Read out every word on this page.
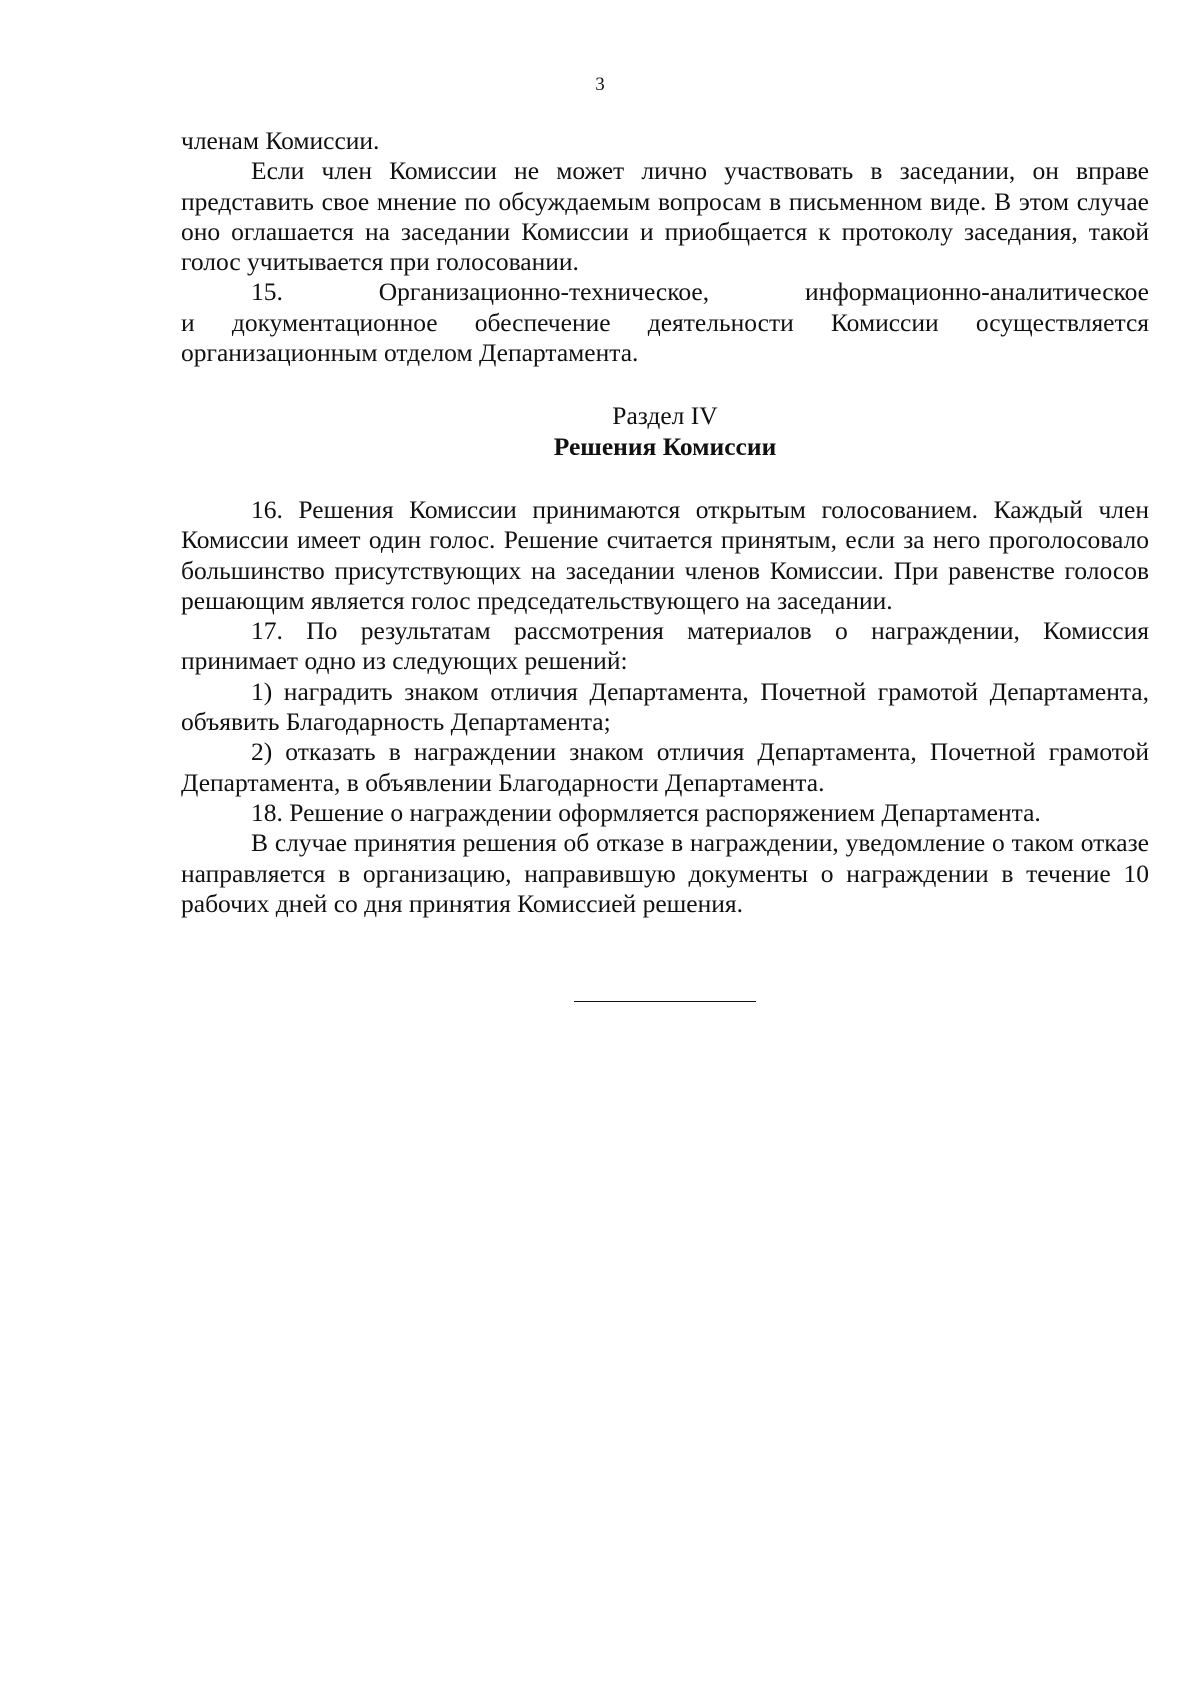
3

членам Комиссии.

Если член Комиссии не может лично участвовать в заседании, он вправе представить свое мнение по обсуждаемым вопросам в письменном виде. В этом случае оно оглашается на заседании Комиссии и приобщается к протоколу заседания, такой голос учитывается при голосовании.

15. Организационно-техническое, информационно-аналитическое

и документационное обеспечение деятельности Комиссии осуществляется

организационным отделом Департамента.

Раздел IV

Решения Комиссии

16. Решения Комиссии принимаются открытым голосованием. Каждый член Комиссии имеет один голос. Решение считается принятым, если за него проголосовало большинство присутствующих на заседании членов Комиссии. При равенстве голосов решающим является голос председательствующего на заседании.

17. По результатам рассмотрения материалов о награждении, Комиссия принимает одно из следующих решений:

1) наградить знаком отличия Департамента, Почетной грамотой Департамента, объявить Благодарность Департамента;

2) отказать в награждении знаком отличия Департамента, Почетной грамотой Департамента, в объявлении Благодарности Департамента.

18. Решение о награждении оформляется распоряжением Департамента.

В случае принятия решения об отказе в награждении, уведомление о таком отказе направляется в организацию, направившую документы о награждении в течение 10 рабочих дней со дня принятия Комиссией решения.
